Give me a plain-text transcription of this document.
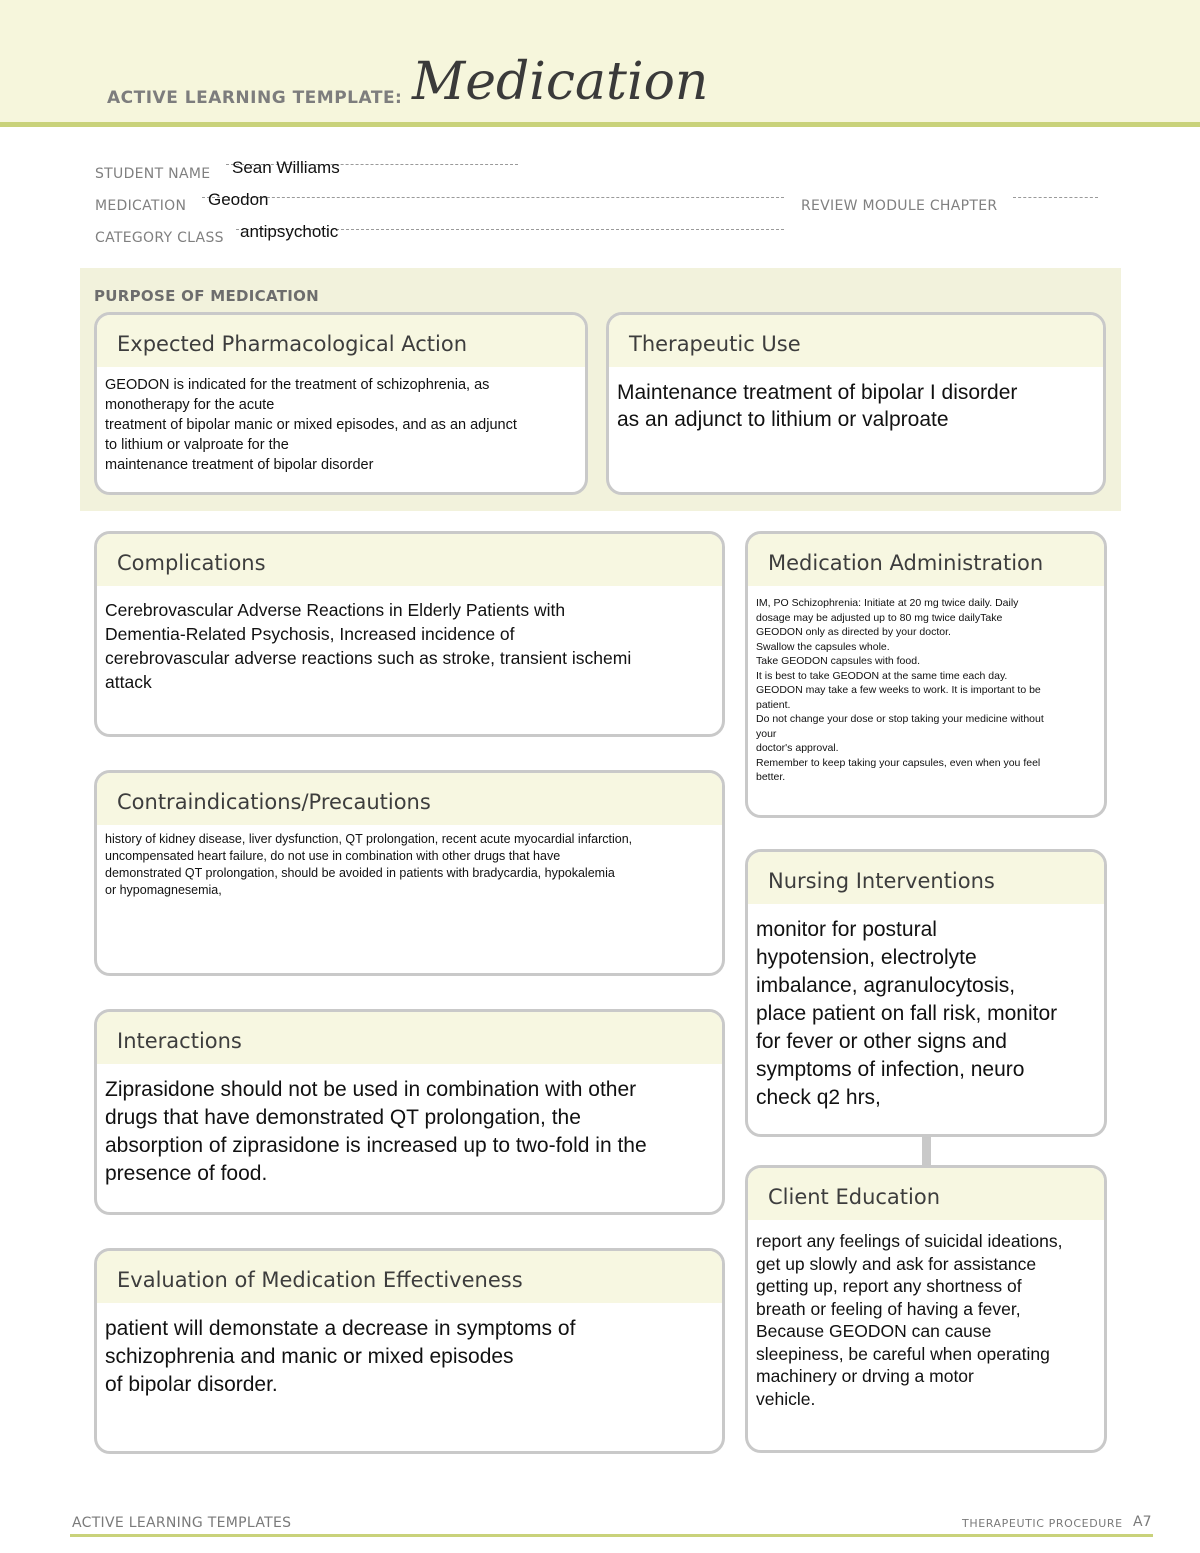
ACTIVE LEARNING TEMPLATE: Medication
STUDENT NAME Sean Williams
MEDICATION Geodon	REVIEW MODULE CHAPTER
CATEGORY CLASS antipsychotic
PURPOSE OF MEDICATION
Expected Pharmacological Action
GEODON is indicated for the treatment of schizophrenia, as
monotherapy for the acute
treatment of bipolar manic or mixed episodes, and as an adjunct
to lithium or valproate for the
maintenance treatment of bipolar disorder
Therapeutic Use
Maintenance treatment of bipolar I disorder
as an adjunct to lithium or valproate
Complications
Cerebrovascular Adverse Reactions in Elderly Patients with
Dementia-Related Psychosis, Increased incidence of
cerebrovascular adverse reactions such as stroke, transient ischemi
attack
Medication Administration
IM, PO Schizophrenia: Initiate at 20 mg twice daily. Daily
dosage may be adjusted up to 80 mg twice dailyTake
GEODON only as directed by your doctor.
Swallow the capsules whole.
Take GEODON capsules with food.
It is best to take GEODON at the same time each day.
GEODON may take a few weeks to work. It is important to be
patient.
Do not change your dose or stop taking your medicine without
your
doctor's approval.
Remember to keep taking your capsules, even when you feel
better.
Contraindications/Precautions
history of kidney disease, liver dysfunction, QT prolongation, recent acute myocardial infarction,
uncompensated heart failure, do not use in combination with other drugs that have
demonstrated QT prolongation, should be avoided in patients with bradycardia, hypokalemia
or hypomagnesemia,	Nursing Interventions
monitor for postural
hypotension, electrolyte
imbalance, agranulocytosis,
place patient on fall risk, monitor
for fever or other signs and
symptoms of infection, neuro
check q2 hrs,
Interactions
Ziprasidone should not be used in combination with other
drugs that have demonstrated QT prolongation, the
absorption of ziprasidone is increased up to two-fold in the
presence of food.
Client Education
report any feelings of suicidal ideations,
get up slowly and ask for assistance
getting up, report any shortness of
breath or feeling of having a fever,
Because GEODON can cause
sleepiness, be careful when operating
machinery or drving a motor
vehicle.
Evaluation of Medication Effectiveness
patient will demonstate a decrease in symptoms of
schizophrenia and manic or mixed episodes
of bipolar disorder.
ACTIVE LEARNING TEMPLATES	THERAPEUTIC PROCEDURE A7
